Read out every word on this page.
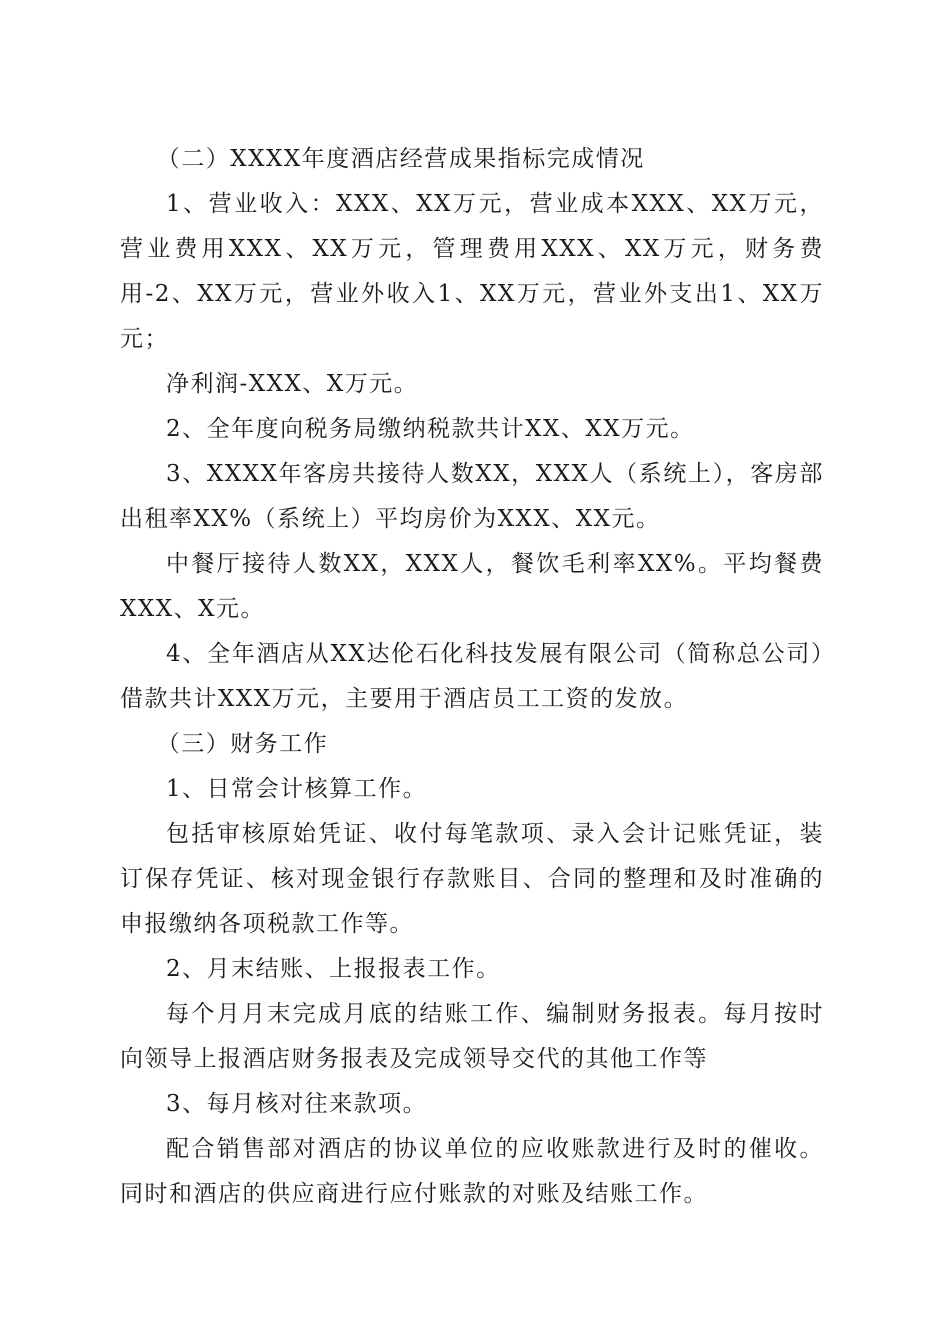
（二）XXXX年度酒店经营成果指标完成情况

1、营业收入：XXX、XX万元，营业成本XXX、XX万元，营业费用XXX、XX万元，管理费用XXX、XX万元，财务费用-2、XX万元，营业外收入1、XX万元，营业外支出1、XX万元；

净利润-XXX、X万元。

2、全年度向税务局缴纳税款共计XX、XX万元。

3、XXXX年客房共接待人数XX，XXX人（系统上），客房部出租率XX%（系统上）平均房价为XXX、XX元。

中餐厅接待人数XX，XXX人，餐饮毛利率XX%。平均餐费XXX、X元。

4、全年酒店从XX达伦石化科技发展有限公司（简称总公司）借款共计XXX万元，主要用于酒店员工工资的发放。

（三）财务工作

1、日常会计核算工作。

包括审核原始凭证、收付每笔款项、录入会计记账凭证，装订保存凭证、核对现金银行存款账目、合同的整理和及时准确的申报缴纳各项税款工作等。

2、月末结账、上报报表工作。

每个月月末完成月底的结账工作、编制财务报表。每月按时向领导上报酒店财务报表及完成领导交代的其他工作等

3、每月核对往来款项。

配合销售部对酒店的协议单位的应收账款进行及时的催收。同时和酒店的供应商进行应付账款的对账及结账工作。
